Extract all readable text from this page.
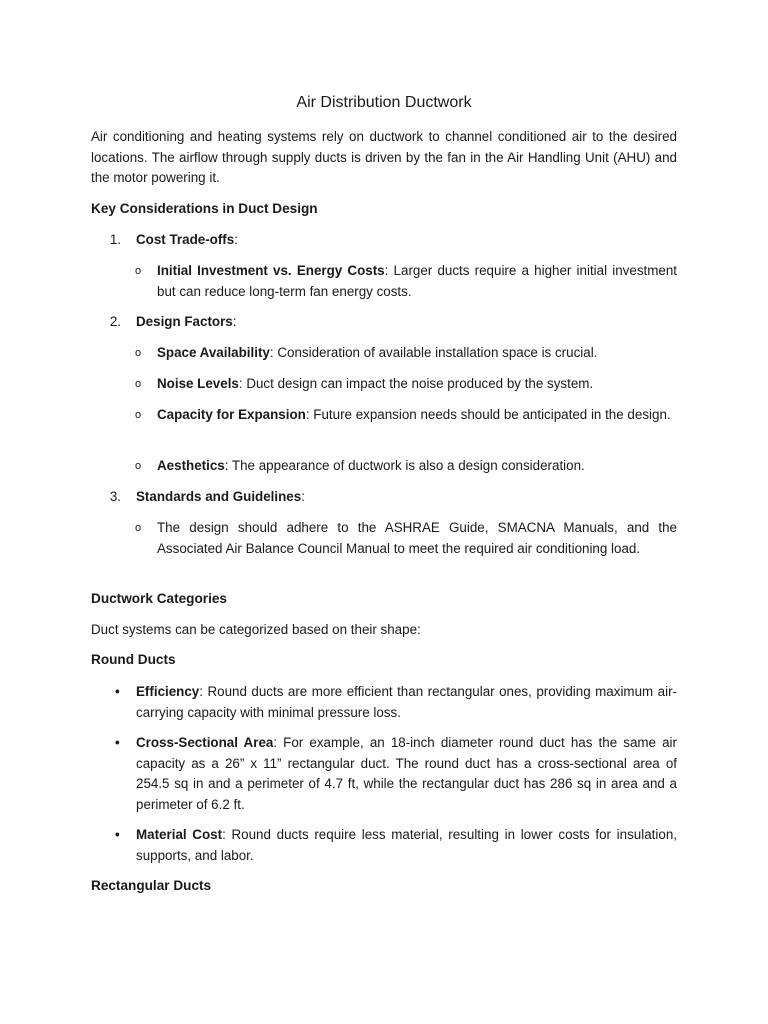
Air Distribution Ductwork

Air conditioning and heating systems rely on ductwork to channel conditioned air to the desired locations. The airflow through supply ducts is driven by the fan in the Air Handling Unit (AHU) and the motor powering it.

Key Considerations in Duct Design
1. Cost Trade-offs:
o Initial Investment vs. Energy Costs: Larger ducts require a higher initial investment but can reduce long-term fan energy costs.

2. Design Factors:
o Space Availability: Consideration of available installation space is crucial.

o Noise Levels: Duct design can impact the noise produced by the system.

o Capacity for Expansion: Future expansion needs should be anticipated in the design.

o Aesthetics: The appearance of ductwork is also a design consideration.

3. Standards and Guidelines:
o The design should adhere to the ASHRAE Guide, SMACNA Manuals, and the Associated Air Balance Council Manual to meet the required air conditioning load.

Ductwork Categories

Duct systems can be categorized based on their shape:

Round Ducts
• Efficiency: Round ducts are more efficient than rectangular ones, providing maximum air-carrying capacity with minimal pressure loss.

• Cross-Sectional Area: For example, an 18-inch diameter round duct has the same air capacity as a 26” x 11” rectangular duct. The round duct has a cross-sectional area of 254.5 sq in and a perimeter of 4.7 ft, while the rectangular duct has 286 sq in area and a perimeter of 6.2 ft.

• Material Cost: Round ducts require less material, resulting in lower costs for insulation, supports, and labor.

Rectangular Ducts
